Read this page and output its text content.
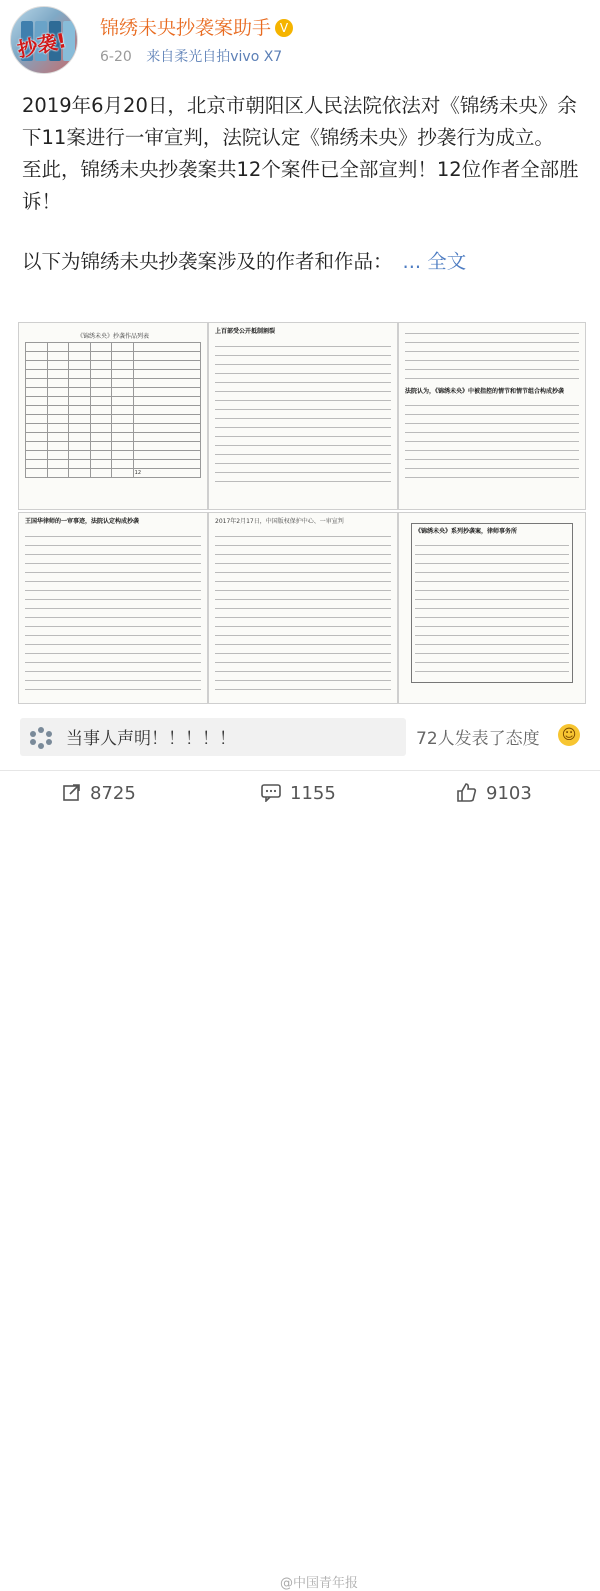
抄袭!
锦绣未央抄袭案助手 V
6-20 来自柔光自拍vivo X7

2019年6月20日，北京市朝阳区人民法院依法对《锦绣未央》余下11案进行一审宣判，法院认定《锦绣未央》抄袭行为成立。

至此，锦绣未央抄袭案共12个案件已全部宣判！12位作者全部胜诉！

以下为锦绣未央抄袭案涉及的作者和作品： ... 全文

《锦绣未央》抄袭作品列表

					12
上百部受公开抵制割裂
法院认为，《锦绣未央》中被指控的情节和情节组合构成抄袭
王国华律师的一审事迹，法院认定构成抄袭	2017年2月17日，中国版权保护中心、一审宣判
《锦绣未央》系列抄袭案，律师事务所
当事人声明！！！！！	72人发表了态度 ☺
8725	1155	9103
@中国青年报
